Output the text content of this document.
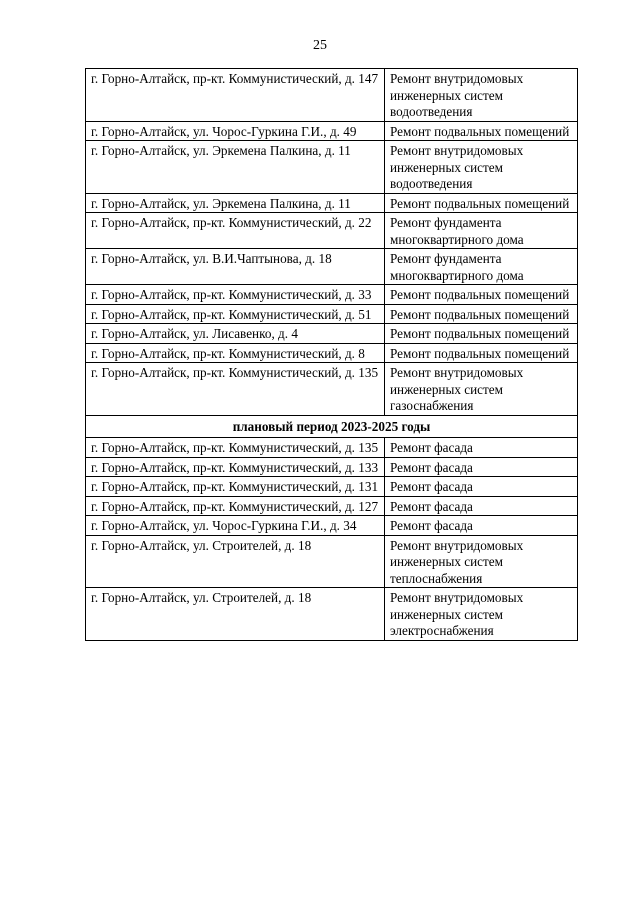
25
г. Горно-Алтайск, пр-кт. Коммунистический, д. 147	Ремонт внутридомовых инженерных систем водоотведения
г. Горно-Алтайск, ул. Чорос-Гуркина Г.И., д. 49	Ремонт подвальных помещений
г. Горно-Алтайск, ул. Эркемена Палкина, д. 11	Ремонт внутридомовых инженерных систем водоотведения
г. Горно-Алтайск, ул. Эркемена Палкина, д. 11	Ремонт подвальных помещений
г. Горно-Алтайск, пр-кт. Коммунистический, д. 22	Ремонт фундамента многоквартирного дома
г. Горно-Алтайск, ул. В.И.Чаптынова, д. 18	Ремонт фундамента многоквартирного дома
г. Горно-Алтайск, пр-кт. Коммунистический, д. 33	Ремонт подвальных помещений
г. Горно-Алтайск, пр-кт. Коммунистический, д. 51	Ремонт подвальных помещений
г. Горно-Алтайск, ул. Лисавенко, д. 4	Ремонт подвальных помещений
г. Горно-Алтайск, пр-кт. Коммунистический, д. 8	Ремонт подвальных помещений
г. Горно-Алтайск, пр-кт. Коммунистический, д. 135	Ремонт внутридомовых инженерных систем газоснабжения
плановый период 2023-2025 годы	
г. Горно-Алтайск, пр-кт. Коммунистический, д. 135	Ремонт фасада
г. Горно-Алтайск, пр-кт. Коммунистический, д. 133	Ремонт фасада
г. Горно-Алтайск, пр-кт. Коммунистический, д. 131	Ремонт фасада
г. Горно-Алтайск, пр-кт. Коммунистический, д. 127	Ремонт фасада
г. Горно-Алтайск, ул. Чорос-Гуркина Г.И., д. 34	Ремонт фасада
г. Горно-Алтайск, ул. Строителей, д. 18	Ремонт внутридомовых инженерных систем теплоснабжения
г. Горно-Алтайск, ул. Строителей, д. 18	Ремонт внутридомовых инженерных систем электроснабжения
